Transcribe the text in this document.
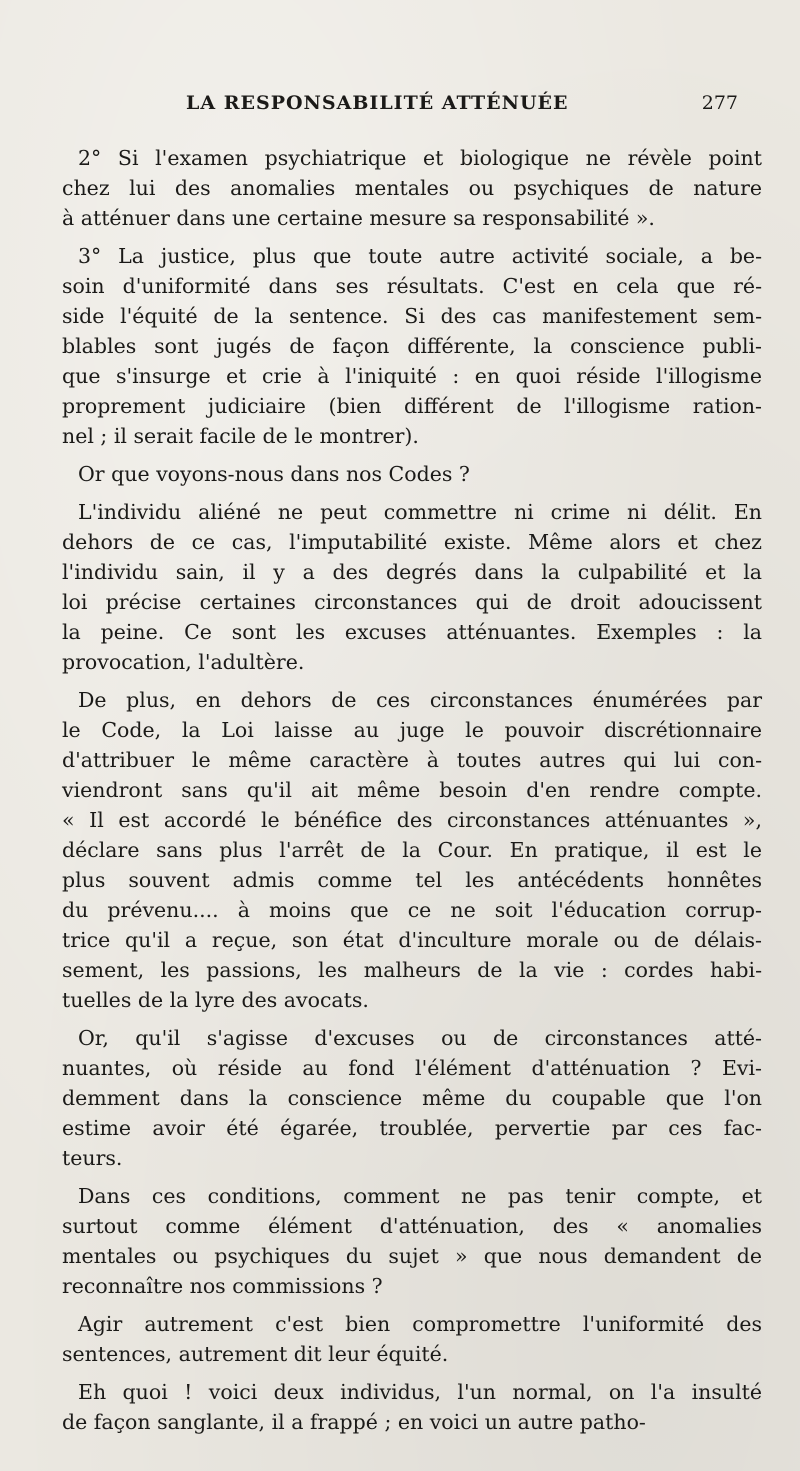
LA RESPONSABILITÉ ATTÉNUÉE	277

2° Si l'examen psychiatrique et biologique ne révèle point
chez lui des anomalies mentales ou psychiques de nature
à atténuer dans une certaine mesure sa responsabilité ».

3° La justice, plus que toute autre activité sociale, a be-
soin d'uniformité dans ses résultats. C'est en cela que ré-
side l'équité de la sentence. Si des cas manifestement sem-
blables sont jugés de façon différente, la conscience publi-
que s'insurge et crie à l'iniquité : en quoi réside l'illogisme
proprement judiciaire (bien différent de l'illogisme ration-
nel ; il serait facile de le montrer).

Or que voyons-nous dans nos Codes ?

L'individu aliéné ne peut commettre ni crime ni délit. En
dehors de ce cas, l'imputabilité existe. Même alors et chez
l'individu sain, il y a des degrés dans la culpabilité et la
loi précise certaines circonstances qui de droit adoucissent
la peine. Ce sont les excuses atténuantes. Exemples : la
provocation, l'adultère.

De plus, en dehors de ces circonstances énumérées par
le Code, la Loi laisse au juge le pouvoir discrétionnaire
d'attribuer le même caractère à toutes autres qui lui con-
viendront sans qu'il ait même besoin d'en rendre compte.
« Il est accordé le bénéfice des circonstances atténuantes »,
déclare sans plus l'arrêt de la Cour. En pratique, il est le
plus souvent admis comme tel les antécédents honnêtes
du prévenu.... à moins que ce ne soit l'éducation corrup-
trice qu'il a reçue, son état d'inculture morale ou de délais-
sement, les passions, les malheurs de la vie : cordes habi-
tuelles de la lyre des avocats.

Or, qu'il s'agisse d'excuses ou de circonstances atté-
nuantes, où réside au fond l'élément d'atténuation ? Evi-
demment dans la conscience même du coupable que l'on
estime avoir été égarée, troublée, pervertie par ces fac-
teurs.

Dans ces conditions, comment ne pas tenir compte, et
surtout comme élément d'atténuation, des « anomalies
mentales ou psychiques du sujet » que nous demandent de
reconnaître nos commissions ?

Agir autrement c'est bien compromettre l'uniformité des
sentences, autrement dit leur équité.

Eh quoi ! voici deux individus, l'un normal, on l'a insulté
de façon sanglante, il a frappé ; en voici un autre patho-
